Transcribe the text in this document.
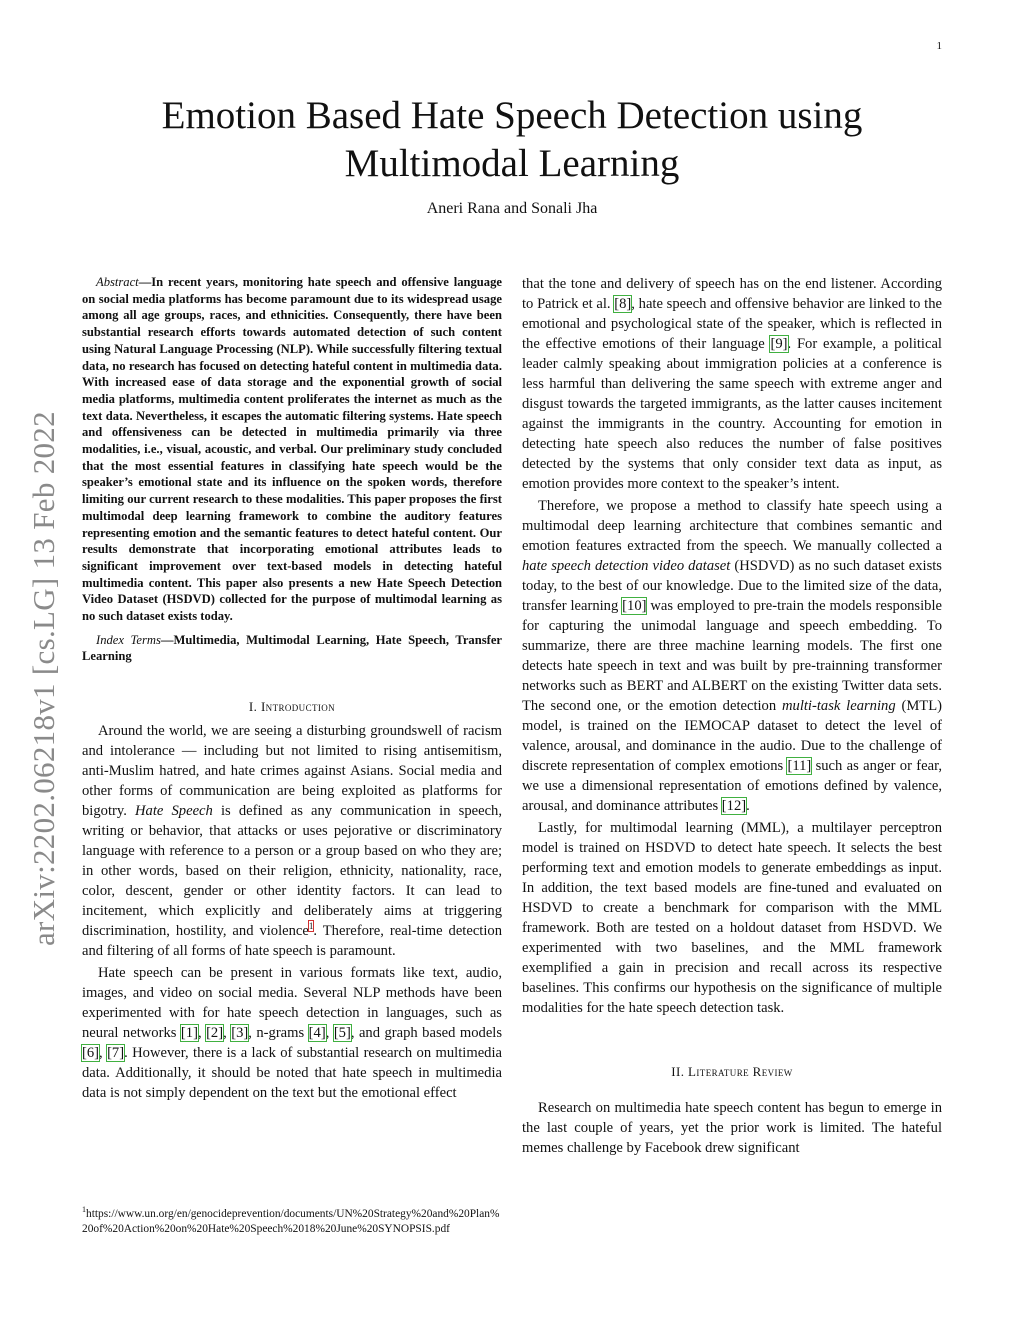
1
arXiv:2202.06218v1 [cs.LG] 13 Feb 2022
Emotion Based Hate Speech Detection using
Multimodal Learning
Aneri Rana and Sonali Jha

Abstract—In recent years, monitoring hate speech and offensive language on social media platforms has become paramount due to its widespread usage among all age groups, races, and ethnicities. Consequently, there have been substantial research efforts towards automated detection of such content using Natural Language Processing (NLP). While successfully filtering textual data, no research has focused on detecting hateful content in multimedia data. With increased ease of data storage and the exponential growth of social media platforms, multimedia content proliferates the internet as much as the text data. Nevertheless, it escapes the automatic filtering systems. Hate speech and offensiveness can be detected in multimedia primarily via three modalities, i.e., visual, acoustic, and verbal. Our preliminary study concluded that the most essential features in classifying hate speech would be the speaker’s emotional state and its influence on the spoken words, therefore limiting our current research to these modalities. This paper proposes the first multimodal deep learning framework to combine the auditory features representing emotion and the semantic features to detect hateful content. Our results demonstrate that incorporating emotional attributes leads to significant improvement over text-based models in detecting hateful multimedia content. This paper also presents a new Hate Speech Detection Video Dataset (HSDVD) collected for the purpose of multimodal learning as no such dataset exists today.

Index Terms—Multimedia, Multimodal Learning, Hate Speech, Transfer Learning

I. Introduction

Around the world, we are seeing a disturbing groundswell of racism and intolerance — including but not limited to rising antisemitism, anti-Muslim hatred, and hate crimes against Asians. Social media and other forms of communication are being exploited as platforms for bigotry. Hate Speech is defined as any communication in speech, writing or behavior, that attacks or uses pejorative or discriminatory language with reference to a person or a group based on who they are; in other words, based on their religion, ethnicity, nationality, race, color, descent, gender or other identity factors. It can lead to incitement, which explicitly and deliberately aims at triggering discrimination, hostility, and violence$^1$. Therefore, real-time detection and filtering of all forms of hate speech is paramount.

Hate speech can be present in various formats like text, audio, images, and video on social media. Several NLP methods have been experimented with for hate speech detection in languages, such as neural networks [1], [2], [3], n-grams [4], [5], and graph based models [6], [7]. However, there is a lack of substantial research on multimedia data. Additionally, it should be noted that hate speech in multimedia data is not simply dependent on the text but the emotional effect

$^1$https://www.un.org/en/genocideprevention/documents/UN%20Strategy%20and%20Plan%20of%20Action%20on%20Hate%20Speech%2018%20June%20SYNOPSIS.pdf

that the tone and delivery of speech has on the end listener. According to Patrick et al. [8], hate speech and offensive behavior are linked to the emotional and psychological state of the speaker, which is reflected in the effective emotions of their language [9]. For example, a political leader calmly speaking about immigration policies at a conference is less harmful than delivering the same speech with extreme anger and disgust towards the targeted immigrants, as the latter causes incitement against the immigrants in the country. Accounting for emotion in detecting hate speech also reduces the number of false positives detected by the systems that only consider text data as input, as emotion provides more context to the speaker’s intent.

Therefore, we propose a method to classify hate speech using a multimodal deep learning architecture that combines semantic and emotion features extracted from the speech. We manually collected a hate speech detection video dataset (HSDVD) as no such dataset exists today, to the best of our knowledge. Due to the limited size of the data, transfer learning [10] was employed to pre-train the models responsible for capturing the unimodal language and speech embedding. To summarize, there are three machine learning models. The first one detects hate speech in text and was built by pre-trainning transformer networks such as BERT and ALBERT on the existing Twitter data sets. The second one, or the emotion detection multi-task learning (MTL) model, is trained on the IEMOCAP dataset to detect the level of valence, arousal, and dominance in the audio. Due to the challenge of discrete representation of complex emotions [11] such as anger or fear, we use a dimensional representation of emotions defined by valence, arousal, and dominance attributes [12].

Lastly, for multimodal learning (MML), a multilayer perceptron model is trained on HSDVD to detect hate speech. It selects the best performing text and emotion models to generate embeddings as input. In addition, the text based models are fine-tuned and evaluated on HSDVD to create a benchmark for comparison with the MML framework. Both are tested on a holdout dataset from HSDVD. We experimented with two baselines, and the MML framework exemplified a gain in precision and recall across its respective baselines. This confirms our hypothesis on the significance of multiple modalities for the hate speech detection task.

II. Literature Review

Research on multimedia hate speech content has begun to emerge in the last couple of years, yet the prior work is limited. The hateful memes challenge by Facebook drew significant
